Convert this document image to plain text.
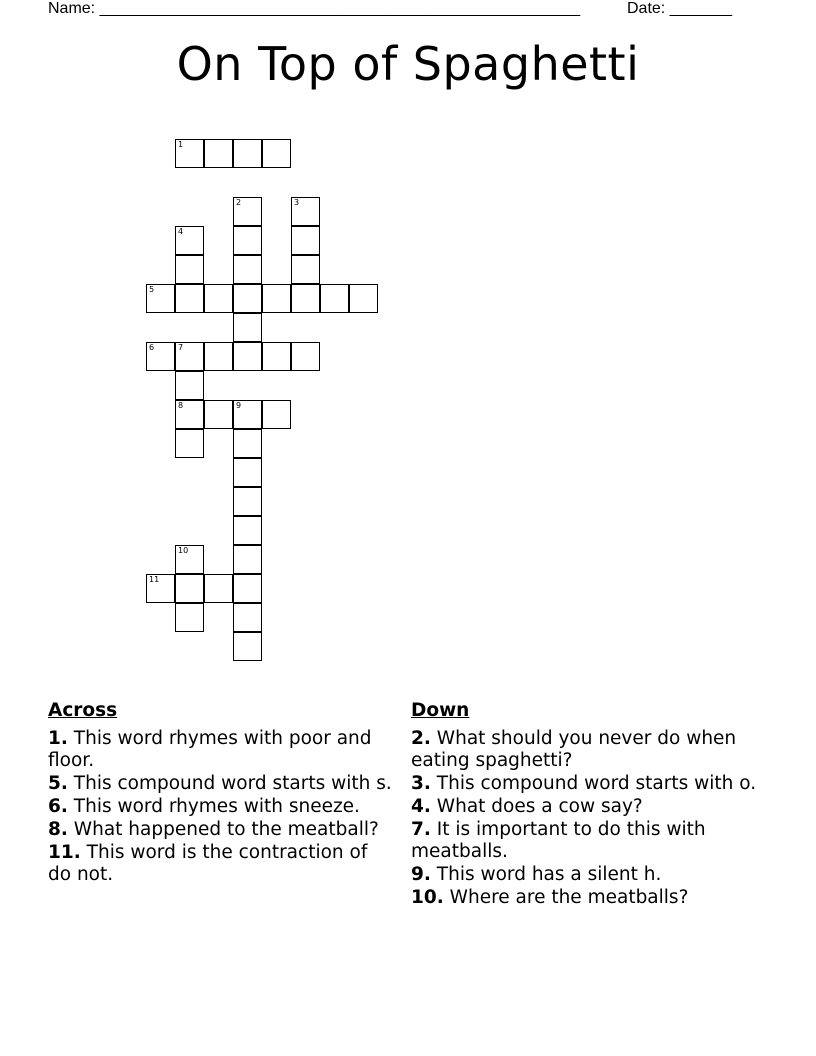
Name: ______________________________________________________	Date: _______
On Top of Spaghetti
1
2	3
4
5
6	7
8	9
10
11
Across
1. This word rhymes with poor and floor.
5. This compound word starts with s.
6. This word rhymes with sneeze.
8. What happened to the meatball?
11. This word is the contraction of do not.
Down
2. What should you never do when eating spaghetti?
3. This compound word starts with o.
4. What does a cow say?
7. It is important to do this with meatballs.
9. This word has a silent h.
10. Where are the meatballs?
